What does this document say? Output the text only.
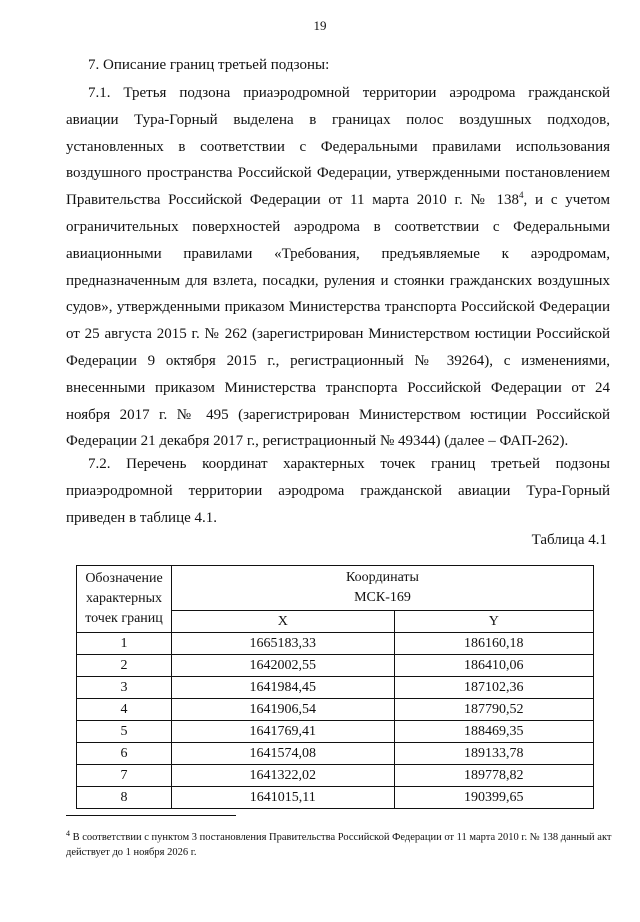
19
7. Описание границ третьей подзоны:

7.1. Третья подзона приаэродромной территории аэродрома гражданской авиации Тура-Горный выделена в границах полос воздушных подходов, установленных в соответствии с Федеральными правилами использования воздушного пространства Российской Федерации, утвержденными постановлением Правительства Российской Федерации от 11 марта 2010 г. № $138^4$, и с учетом ограничительных поверхностей аэродрома в соответствии с Федеральными авиационными правилами «Требования, предъявляемые к аэродромам, предназначенным для взлета, посадки, руления и стоянки гражданских воздушных судов», утвержденными приказом Министерства транспорта Российской Федерации от 25 августа 2015 г. № 262 (зарегистрирован Министерством юстиции Российской Федерации 9 октября 2015 г., регистрационный № 39264), с изменениями, внесенными приказом Министерства транспорта Российской Федерации от 24 ноября 2017 г. № 495 (зарегистрирован Министерством юстиции Российской Федерации 21 декабря 2017 г., регистрационный № 49344) (далее – ФАП-262).

7.2. Перечень координат характерных точек границ третьей подзоны приаэродромной территории аэродрома гражданской авиации Тура-Горный приведен в таблице 4.1.

Таблица 4.1
Обозначение характерных точек границ	Координаты
МСК-169	

	X	Y
1	1665183,33	186160,18
2	1642002,55	186410,06
3	1641984,45	187102,36
4	1641906,54	187790,52
5	1641769,41	188469,35
6	1641574,08	189133,78
7	1641322,02	189778,82
8	1641015,11	190399,65

$^4$ В соответствии с пунктом 3 постановления Правительства Российской Федерации от 11 марта 2010 г. № 138 данный акт действует до 1 ноября 2026 г.
